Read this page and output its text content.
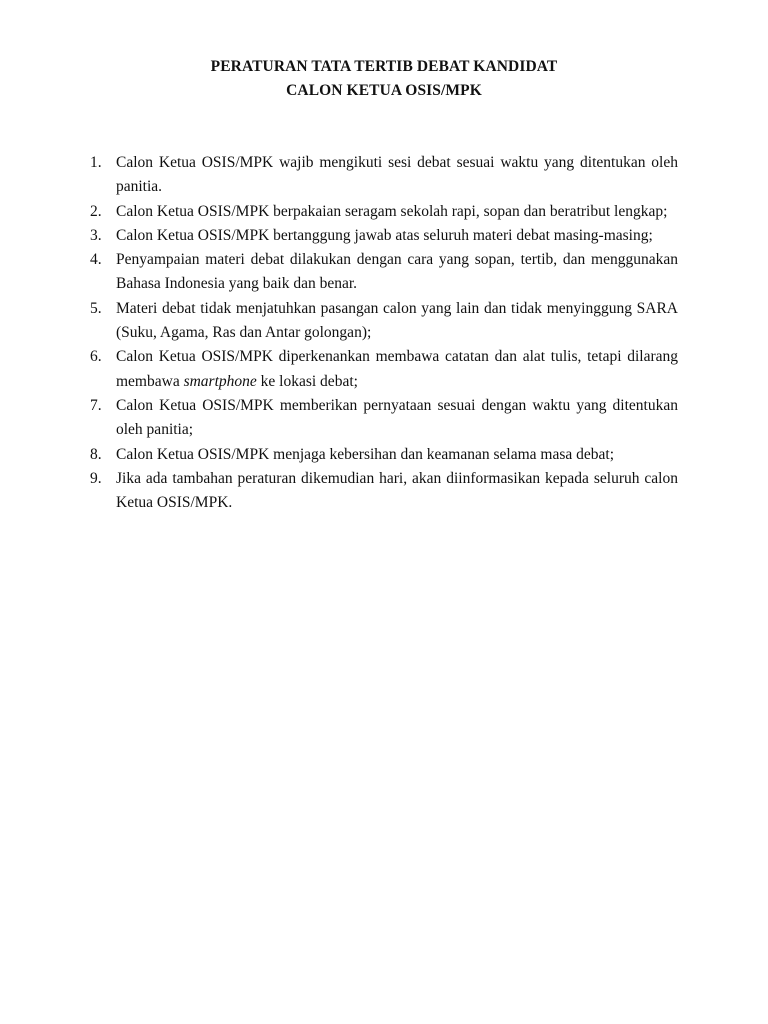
PERATURAN TATA TERTIB DEBAT KANDIDAT
CALON KETUA OSIS/MPK
1. Calon Ketua OSIS/MPK wajib mengikuti sesi debat sesuai waktu yang ditentukan oleh panitia.
2. Calon Ketua OSIS/MPK berpakaian seragam sekolah rapi, sopan dan beratribut lengkap;
3. Calon Ketua OSIS/MPK bertanggung jawab atas seluruh materi debat masing-masing;
4. Penyampaian materi debat dilakukan dengan cara yang sopan, tertib, dan menggunakan Bahasa Indonesia yang baik dan benar.
5. Materi debat tidak menjatuhkan pasangan calon yang lain dan tidak menyinggung SARA (Suku, Agama, Ras dan Antar golongan);
6. Calon Ketua OSIS/MPK diperkenankan membawa catatan dan alat tulis, tetapi dilarang membawa smartphone ke lokasi debat;
7. Calon Ketua OSIS/MPK memberikan pernyataan sesuai dengan waktu yang ditentukan oleh panitia;
8. Calon Ketua OSIS/MPK menjaga kebersihan dan keamanan selama masa debat;
9. Jika ada tambahan peraturan dikemudian hari, akan diinformasikan kepada seluruh calon Ketua OSIS/MPK.
